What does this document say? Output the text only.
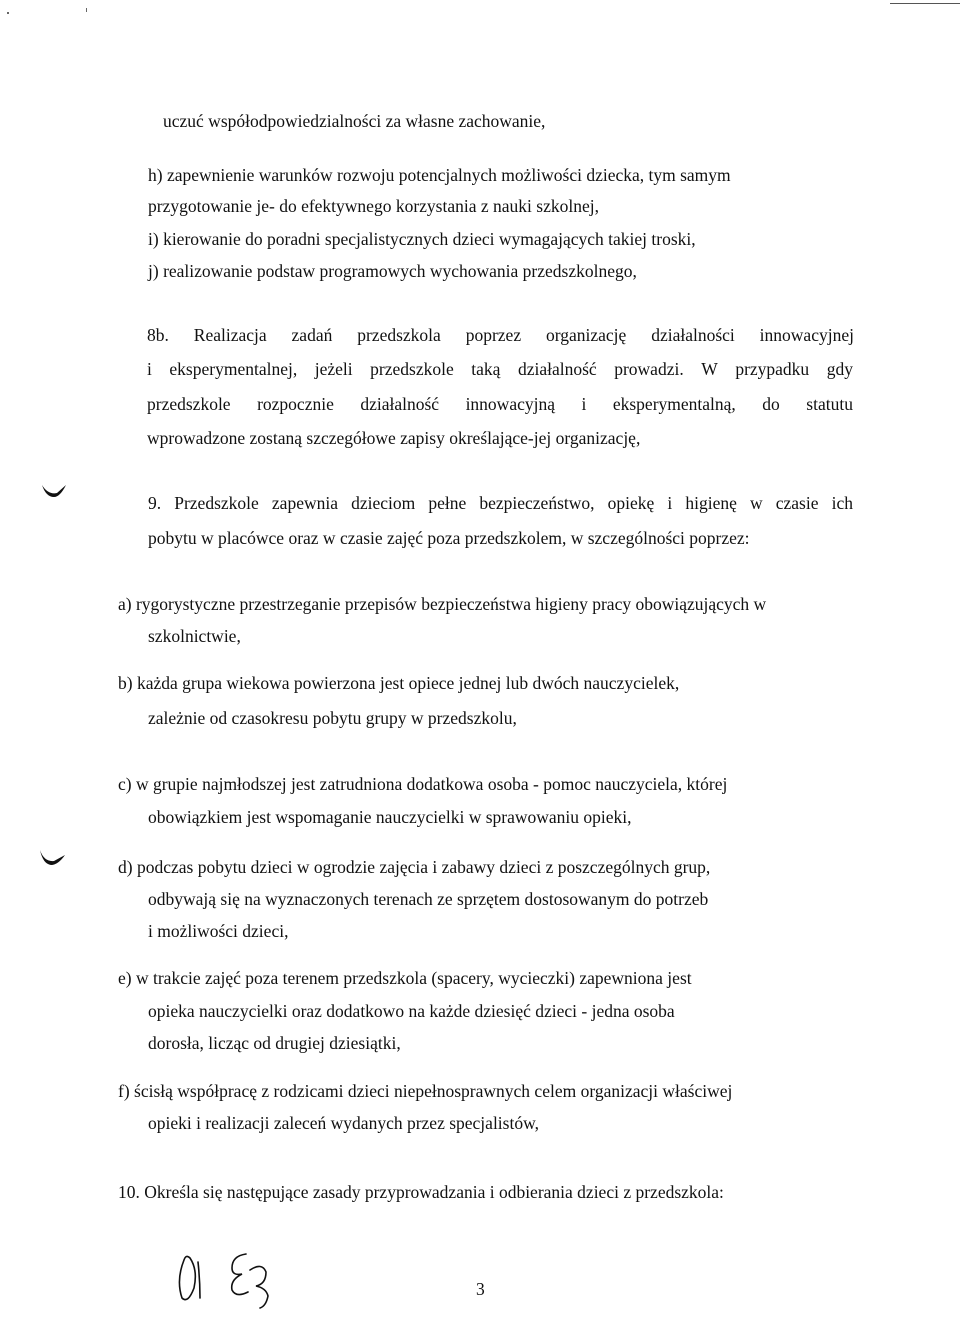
uczuć współodpowiedzialności za własne zachowanie,
h) zapewnienie warunków rozwoju potencjalnych możliwości dziecka, tym samym
przygotowanie je- do efektywnego korzystania z nauki szkolnej,
i) kierowanie do poradni specjalistycznych dzieci wymagających takiej troski,
j) realizowanie podstaw programowych wychowania przedszkolnego,
8b. Realizacja zadań przedszkola poprzez organizację działalności innowacyjnej
i eksperymentalnej, jeżeli przedszkole taką działalność prowadzi. W przypadku gdy
przedszkole rozpocznie działalność innowacyjną i eksperymentalną, do statutu
wprowadzone zostaną szczegółowe zapisy określające-jej organizację,
9. Przedszkole zapewnia dzieciom pełne bezpieczeństwo, opiekę i higienę w czasie ich
pobytu w placówce oraz w czasie zajęć poza przedszkolem, w szczególności poprzez:
a) rygorystyczne przestrzeganie przepisów bezpieczeństwa higieny pracy obowiązujących w
szkolnictwie,
b) każda grupa wiekowa powierzona jest opiece jednej lub dwóch nauczycielek,
zależnie od czasokresu pobytu grupy w przedszkolu,
c) w grupie najmłodszej jest zatrudniona dodatkowa osoba - pomoc nauczyciela, której
obowiązkiem jest wspomaganie nauczycielki w sprawowaniu opieki,
d) podczas pobytu dzieci w ogrodzie zajęcia i zabawy dzieci z poszczególnych grup,
odbywają się na wyznaczonych terenach ze sprzętem dostosowanym do potrzeb
i możliwości dzieci,
e) w trakcie zajęć poza terenem przedszkola (spacery, wycieczki) zapewniona jest
opieka nauczycielki oraz dodatkowo na każde dziesięć dzieci - jedna osoba
dorosła, licząc od drugiej dziesiątki,
f) ścisłą współpracę z rodzicami dzieci niepełnosprawnych celem organizacji właściwej
opieki i realizacji zaleceń wydanych przez specjalistów,
10. Określa się następujące zasady przyprowadzania i odbierania dzieci z przedszkola:
3
